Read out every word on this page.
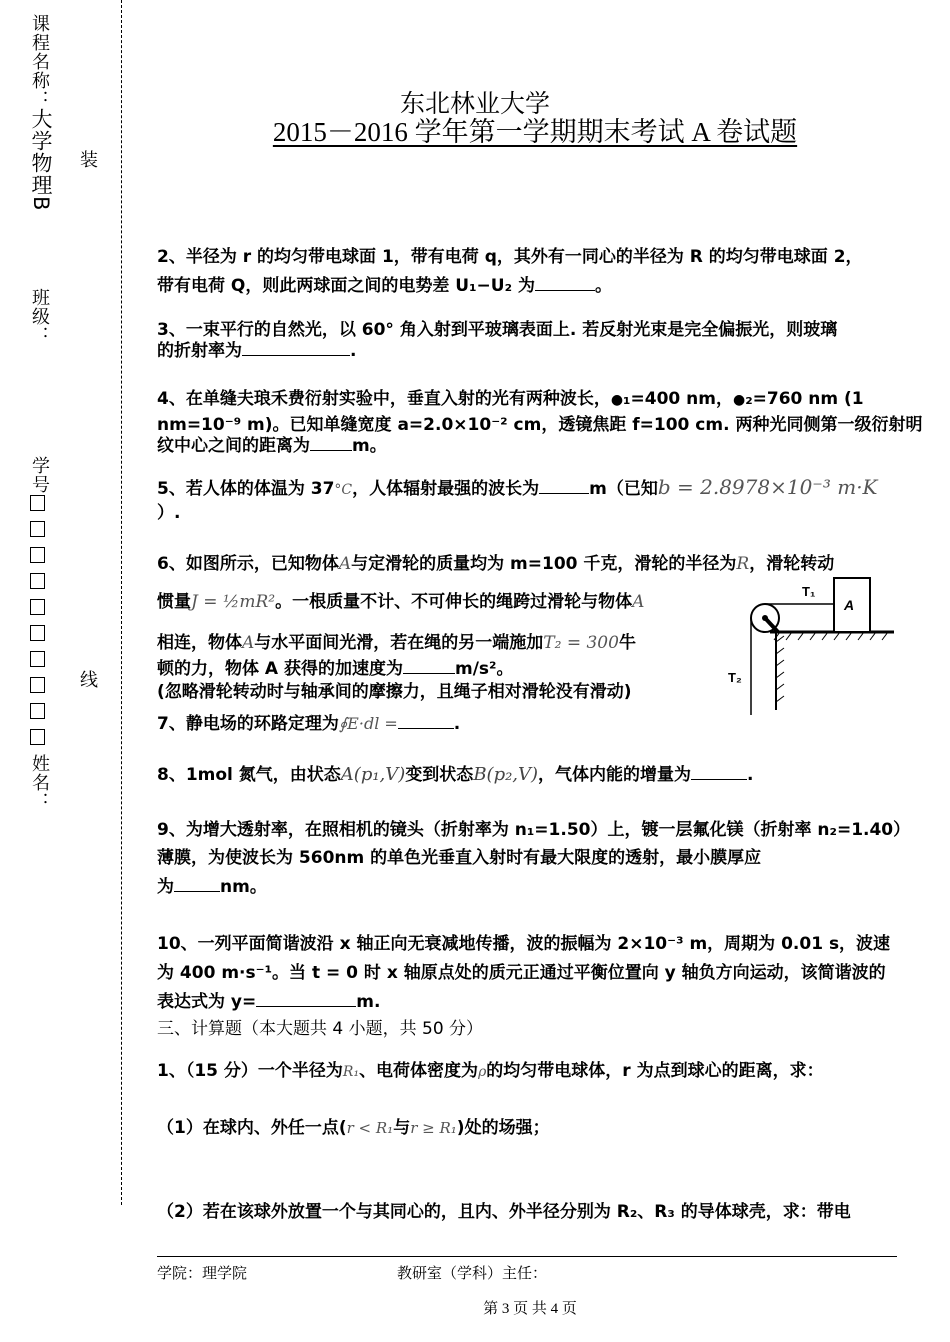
课程名称：
大学物理B
班级：
学号
姓名：
装
线
东北林业大学
2015－2016 学年第一学期期末考试 A 卷试题
2、半径为 r 的均匀带电球面 1，带有电荷 q，其外有一同心的半径为 R 的均匀带电球面 2，
带有电荷 Q，则此两球面之间的电势差 U₁−U₂ 为	。
3、一束平行的自然光，以 60° 角入射到平玻璃表面上. 若反射光束是完全偏振光，则玻璃
的折射率为	.
4、在单缝夫琅禾费衍射实验中，垂直入射的光有两种波长，●₁=400 nm，●₂=760 nm (1
nm=10⁻⁹ m)。已知单缝宽度 a=2.0×10⁻² cm，透镜焦距 f=100 cm. 两种光同侧第一级衍射明
纹中心之间的距离为 m。
5、若人体的体温为 37°C，人体辐射最强的波长为	m（已知b = 2.8978×10⁻³ m·K
）.
6、如图所示，已知物体A与定滑轮的质量均为 m=100 千克，滑轮的半径为R，滑轮转动
惯量J = ½mR²。一根质量不计、不可伸长的绳跨过滑轮与物体A
相连，物体A与水平面间光滑，若在绳的另一端施加T₂ = 300牛
顿的力，物体 A 获得的加速度为	m/s²。
(忽略滑轮转动时与轴承间的摩擦力，且绳子相对滑轮没有滑动)
A
T₁
T₂
7、静电场的环路定理为∮E·dl =	.
8、1mol 氮气，由状态A(p₁,V)变到状态B(p₂,V)，气体内能的增量为	.
9、为增大透射率，在照相机的镜头（折射率为 n₁=1.50）上，镀一层氟化镁（折射率 n₂=1.40）
薄膜，为使波长为 560nm 的单色光垂直入射时有最大限度的透射，最小膜厚应
为	nm。
10、一列平面简谐波沿 x 轴正向无衰减地传播，波的振幅为 2×10⁻³ m，周期为 0.01 s，波速
为 400 m·s⁻¹。当 t = 0 时 x 轴原点处的质元正通过平衡位置向 y 轴负方向运动，该简谐波的
表达式为 y=	m.
三、计算题（本大题共 4 小题，共 50 分）
1、（15 分）一个半径为R₁、电荷体密度为ρ的均匀带电球体，r 为点到球心的距离，求：
（1）在球内、外任一点(r < R₁与r ≥ R₁)处的场强；
（2）若在该球外放置一个与其同心的，且内、外半径分别为 R₂、R₃ 的导体球壳，求：带电
学院：理学院	教研室（学科）主任：
第 3 页 共 4 页
